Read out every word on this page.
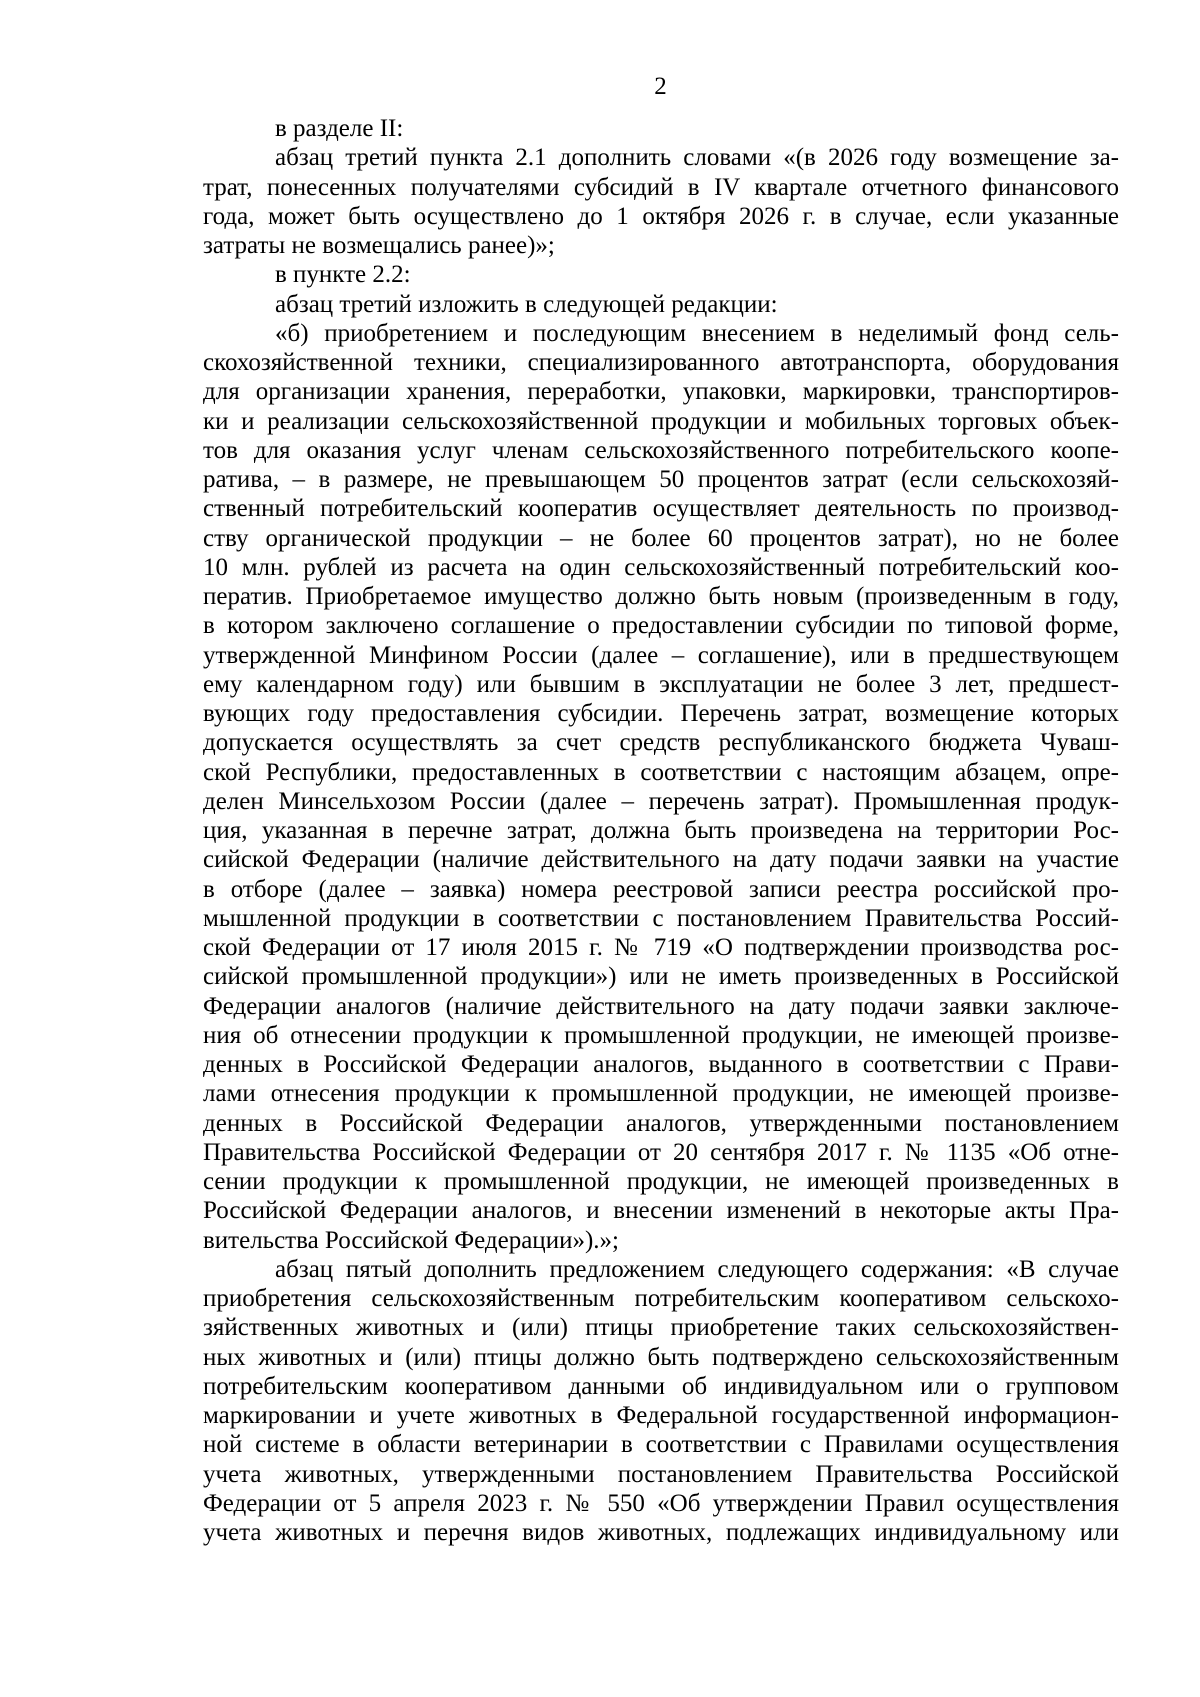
2
в разделе II:
абзац третий пункта 2.1 дополнить словами «(в 2026 году возмещение за-
трат, понесенных получателями субсидий в IV квартале отчетного финансового
года, может быть осуществлено до 1 октября 2026 г. в случае, если указанные
затраты не возмещались ранее)»;
в пункте 2.2:
абзац третий изложить в следующей редакции:
«б) приобретением и последующим внесением в неделимый фонд сель-
скохозяйственной техники, специализированного автотранспорта, оборудования
для организации хранения, переработки, упаковки, маркировки, транспортиров-
ки и реализации сельскохозяйственной продукции и мобильных торговых объек-
тов для оказания услуг членам сельскохозяйственного потребительского коопе-
ратива, – в размере, не превышающем 50 процентов затрат (если сельскохозяй-
ственный потребительский кооператив осуществляет деятельность по производ-
ству органической продукции – не более 60 процентов затрат), но не более
10 млн. рублей из расчета на один сельскохозяйственный потребительский коо-
ператив. Приобретаемое имущество должно быть новым (произведенным в году,
в котором заключено соглашение о предоставлении субсидии по типовой форме,
утвержденной Минфином России (далее – соглашение), или в предшествующем
ему календарном году) или бывшим в эксплуатации не более 3 лет, предшест-
вующих году предоставления субсидии. Перечень затрат, возмещение которых
допускается осуществлять за счет средств республиканского бюджета Чуваш-
ской Республики, предоставленных в соответствии с настоящим абзацем, опре-
делен Минсельхозом России (далее – перечень затрат). Промышленная продук-
ция, указанная в перечне затрат, должна быть произведена на территории Рос-
сийской Федерации (наличие действительного на дату подачи заявки на участие
в отборе (далее – заявка) номера реестровой записи реестра российской про-
мышленной продукции в соответствии с постановлением Правительства Россий-
ской Федерации от 17 июля 2015 г. № 719 «О подтверждении производства рос-
сийской промышленной продукции») или не иметь произведенных в Российской
Федерации аналогов (наличие действительного на дату подачи заявки заключе-
ния об отнесении продукции к промышленной продукции, не имеющей произве-
денных в Российской Федерации аналогов, выданного в соответствии с Прави-
лами отнесения продукции к промышленной продукции, не имеющей произве-
денных в Российской Федерации аналогов, утвержденными постановлением
Правительства Российской Федерации от 20 сентября 2017 г. № 1135 «Об отне-
сении продукции к промышленной продукции, не имеющей произведенных в
Российской Федерации аналогов, и внесении изменений в некоторые акты Пра-
вительства Российской Федерации»).»;
абзац пятый дополнить предложением следующего содержания: «В случае
приобретения сельскохозяйственным потребительским кооперативом сельскохо-
зяйственных животных и (или) птицы приобретение таких сельскохозяйствен-
ных животных и (или) птицы должно быть подтверждено сельскохозяйственным
потребительским кооперативом данными об индивидуальном или о групповом
маркировании и учете животных в Федеральной государственной информацион-
ной системе в области ветеринарии в соответствии с Правилами осуществления
учета животных, утвержденными постановлением Правительства Российской
Федерации от 5 апреля 2023 г. № 550 «Об утверждении Правил осуществления
учета животных и перечня видов животных, подлежащих индивидуальному или
